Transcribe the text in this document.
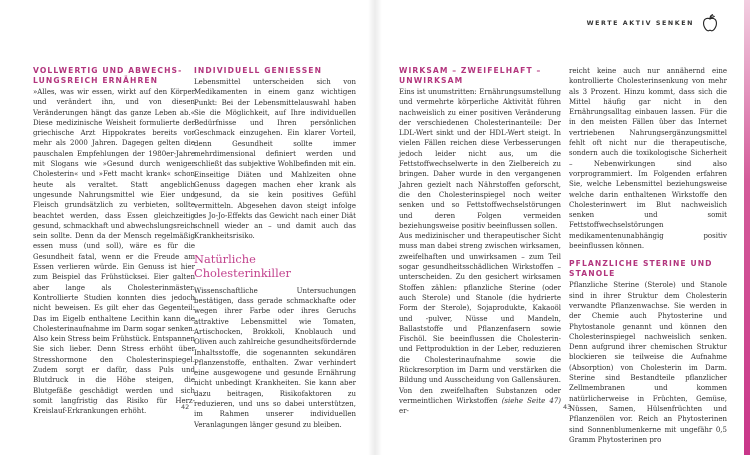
WERTE AKTIV SENKEN
VOLLWERTIG UND ABWECHS- LUNGSREICH ERNÄHREN

»Alles, was wir essen, wirkt auf den Körper und verändert ihn, und von diesen Veränderungen hängt das ganze Leben ab.« Diese medizinische Weisheit formulierte der griechische Arzt Hippokrates bereits vor mehr als 2000 Jahren. Dagegen gelten die pauschalen Empfehlungen der 1980er-Jahre mit Slogans wie »Gesund durch weniger Cholesterin« und »Fett macht krank« schon heute als veraltet. Statt angeblich ungesunde Nahrungsmittel wie Eier und Fleisch grundsätzlich zu verbieten, sollte beachtet werden, dass Essen gleichzeitig gesund, schmackhaft und abwechslungsreich sein sollte. Denn da der Mensch regelmäßig essen muss (und soll), wäre es für die Gesundheit fatal, wenn er die Freude am Essen verlieren würde. Ein Genuss ist hier zum Beispiel das Frühstücksei. Eier galten aber lange als Cholesterinmäster. Kontrollierte Studien konnten dies jedoch nicht beweisen. Es gilt eher das Gegenteil: Das im Eigelb enthaltene Lecithin kann die Cholesterinaufnahme im Darm sogar senken. Also kein Stress beim Frühstück. Entspannen Sie sich lieber. Denn Stress erhöht über Stresshormone den Cholesterinspiegel. Zudem sorgt er dafür, dass Puls und Blutdruck in die Höhe steigen, die Blutgefäße geschädigt werden und sich somit langfristig das Risiko für Herz-Kreislauf-Erkrankungen erhöht.

INDIVIDUELL GENIESSEN

Lebensmittel unterscheiden sich von Medikamenten in einem ganz wichtigen Punkt: Bei der Lebensmittelauswahl haben Sie die Möglichkeit, auf Ihre individuellen Bedürfnisse und Ihren persönlichen Geschmack einzugehen. Ein klarer Vorteil, denn Gesundheit sollte immer mehrdimensional definiert werden und schließt das subjektive Wohlbefinden mit ein. Einseitige Diäten und Mahlzeiten ohne Genuss dagegen machen eher krank als gesund, da sie kein positives Gefühl vermitteln. Abgesehen davon steigt infolge des Jo-Jo-Effekts das Gewicht nach einer Diät schnell wieder an – und damit auch das Krankheitsrisiko.

Natürliche Cholesterinkiller

Wissenschaftliche Untersuchungen bestätigen, dass gerade schmackhafte oder wegen ihrer Farbe oder ihres Geruchs attraktive Lebensmittel wie Tomaten, Artischocken, Brokkoli, Knoblauch und Oliven auch zahlreiche gesundheitsfördernde Inhaltsstoffe, die sogenannten sekundären Pflanzenstoffe, enthalten. Zwar verhindert eine ausgewogene und gesunde Ernährung nicht unbedingt Krankheiten. Sie kann aber dazu beitragen, Risikofaktoren zu reduzieren, und uns so dabei unterstützen, im Rahmen unserer individuellen Veranlagungen länger gesund zu bleiben.

42
WIRKSAM – ZWEIFELHAFT – UNWIRKSAM

Eins ist unumstritten: Ernährungsumstellung und vermehrte körperliche Aktivität führen nachweislich zu einer positiven Veränderung der verschiedenen Cholesterinanteile: Der LDL-Wert sinkt und der HDL-Wert steigt. In vielen Fällen reichen diese Verbesserungen jedoch leider nicht aus, um die Fettstoffwechselwerte in den Zielbereich zu bringen. Daher wurde in den vergangenen Jahren gezielt nach Nährstoffen geforscht, die den Cholesterinspiegel noch weiter senken und so Fettstoffwechselstörungen und deren Folgen vermeiden beziehungsweise positiv beeinflussen sollen.

Aus medizinischer und therapeutischer Sicht muss man dabei streng zwischen wirksamen, zweifelhaften und unwirksamen – zum Teil sogar gesundheitsschädlichen Wirkstoffen – unterscheiden. Zu den gesichert wirksamen Stoffen zählen: pflanzliche Sterine (oder auch Sterole) und Stanole (die hydrierte Form der Sterole), Sojaprodukte, Kakaoöl und -pulver, Nüsse und Mandeln, Ballaststoffe und Pflanzenfasern sowie Fischöl. Sie beeinflussen die Cholesterin- und Fettproduktion in der Leber, reduzieren die Cholesterinaufnahme sowie die Rückresorption im Darm und verstärken die Bildung und Ausscheidung von Gallensäuren. Von den zweifelhaften Substanzen oder vermeintlichen Wirkstoffen (siehe Seite 47) er-

reicht keine auch nur annähernd eine kontrollierte Cholesterinsenkung von mehr als 3 Prozent. Hinzu kommt, dass sich die Mittel häufig gar nicht in den Ernährungsalltag einbauen lassen. Für die in den meisten Fällen über das Internet vertriebenen Nahrungsergänzungsmittel fehlt oft nicht nur die therapeutische, sondern auch die toxikologische Sicherheit – Nebenwirkungen sind also vorprogrammiert. Im Folgenden erfahren Sie, welche Lebensmittel beziehungsweise welche darin enthaltenen Wirkstoffe den Cholesterinwert im Blut nachweislich senken und somit Fettstoffwechselstörungen medikamentenunabhängig positiv beeinflussen können.

PFLANZLICHE STERINE UND STANOLE

Pflanzliche Sterine (Sterole) und Stanole sind in ihrer Struktur dem Cholesterin verwandte Pflanzenwachse. Sie werden in der Chemie auch Phytosterine und Phytostanole genannt und können den Cholesterinspiegel nachweislich senken. Denn aufgrund ihrer chemischen Struktur blockieren sie teilweise die Aufnahme (Absorption) von Cholesterin im Darm. Sterine sind Bestandteile pflanzlicher Zellmembranen und kommen natürlicherweise in Früchten, Gemüse, Nüssen, Samen, Hülsenfrüchten und Pflanzenölen vor. Reich an Phytosterinen sind Sonnenblumenkerne mit ungefähr 0,5 Gramm Phytosterinen pro

43
